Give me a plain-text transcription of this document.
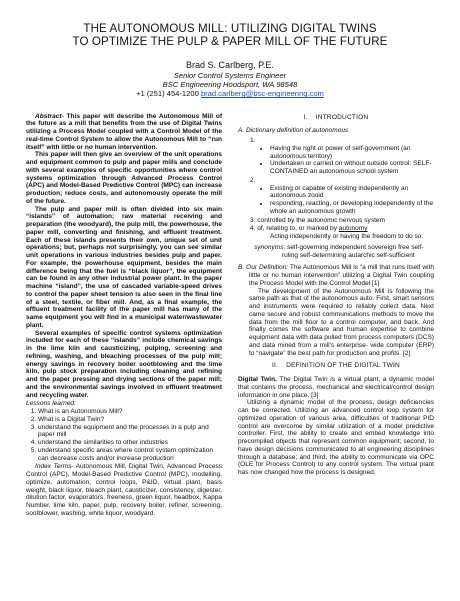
THE AUTONOMOUS MILL: UTILIZING DIGITAL TWINS
TO OPTIMIZE THE PULP & PAPER MILL OF THE FUTURE
Brad S. Carlberg, P.E.
Senior Control Systems Engineer
BSC Engineering Hoodsport, WA 98548
+1 (251) 454-1200 brad.carlberg@bsc-engineering.com

Abstract- This paper will describe the Autonomous Mill of the future as a mill that benefits from the use of Digital Twins utilizing a Process Model coupled with a Control Model of the real-time Control System to allow the Autonomous Mill to “run itself” with little or no human intervention.

This paper will then give an overview of the unit operations and equipment common to pulp and paper mills and conclude with several examples of specific opportunities where control systems optimization through Advanced Process Control (APC) and Model-Based Predictive Control (MPC) can increase production; reduce costs, and autonomously operate the mill of the future.

The pulp and paper mill is often divided into six main “islands” of automation; raw material receiving and preparation (the woodyard), the pulp mill, the powerhouse, the paper mill, converting and finishing, and effluent treatment. Each of these islands presents their own, unique set of unit operations; but, perhaps not surprisingly, you can see similar unit operations in various industries besides pulp and paper. For example, the powerhouse equipment, besides the main difference being that the fuel is “black liquor”, the equipment can be found in any other industrial power plant. In the paper machine “island”, the use of cascaded variable-speed drives to control the paper sheet tension is also seen in the final line of a steel, textile, or fiber mill. And, as a final example, the effluent treatment facility of the paper mill has many of the same equipment you will find in a municipal water/wastewater plant.

Several examples of specific control systems optimization included for each of these “islands” include chemical savings in the lime kiln and causticizing, pulping, screening and refining, washing, and bleaching processes of the pulp mill; energy savings in recovery boiler sootblowing and the lime kiln, pulp stock preparation including cleaning and refining and the paper pressing and drying sections of the paper mill; and the environmental savings involved in effluent treatment and recycling water.

Lessons learned:
1. What is an Autonomous Mill?
2. What is a Digital Twin?
3. understand the equipment and the processes in a pulp and paper mill
4. understand the similarities to other industries
5. understand specific areas where control system optimization can decrease costs and/or increase production

Index Terms- Autonomous Mill, Digital Twin, Advanced Process Control (APC), Model-Based Predictive Control (MPC), modelling, optimize, automation, control loops, P&ID, virtual plant, basis weight, black liquor, bleach plant, causticizer, consistency, digester, dilution factor, evaporators, freeness, green liquor, headbox, Kappa Number, lime kiln, paper, pulp, recovery boiler, refiner, screening, sootblower, washing, white liquor, woodyard.

I. INTRODUCTION
A. Dictionary definition of autonomous
1.
• Having the right or power of self-government (an autonomous territory)
• Undertaken or carried on without outside control: SELF-CONTAINED an autonomous school system
2.
• Existing or capable of existing independently an autonomous zooid
• responding, reacting, or developing independently of the whole an autonomous growth
3. controlled by the autonomic nervous system
4. of, relating to, or marked by autonomy
Acting independently or having the freedom to do so.

synonyms: self-governing independent sovereign free self-
ruling self-determining autarchic self-sufficient

B. Our Definition: The Autonomous Mill is “a mill that runs itself with little or no human intervention” utilizing a Digital Twin coupling the Process Model with the Control Model [1]

The development of the Autonomous Mill is following the same path as that of the autonomous auto. First, smart sensors and instruments were required to reliably collect data. Next came secure and robust communications methods to move the data from the mill floor to a control computer, and back. And finally comes the software and human expertise to combine equipment data with data pulled from process computers (DCS) and data mined from a mill's enterprise- wide computer (ERP) to “navigate” the best path for production and profits. [2]

II. DEFINITION OF THE DIGITAL TWIN

Digital Twin. The Digital Twin is a virtual plant, a dynamic model that contains the process, mechanical and electrical/control design information in one place. [3]

Utilizing a dynamic model of the process, design deficiencies can be corrected. Utilizing an advanced control loop system for optimized operation of various area, difficulties of traditional PID control are overcome by similar utilization of a model predictive controller. First, the ability to create and embed knowledge into precompiled objects that represent common equipment; second, to have design decisions communicated to all engineering disciplines through a database; and third, the ability to communicate via OPC (OLE for Process Control) to any control system. The virtual plant has now changed how the process is designed.
